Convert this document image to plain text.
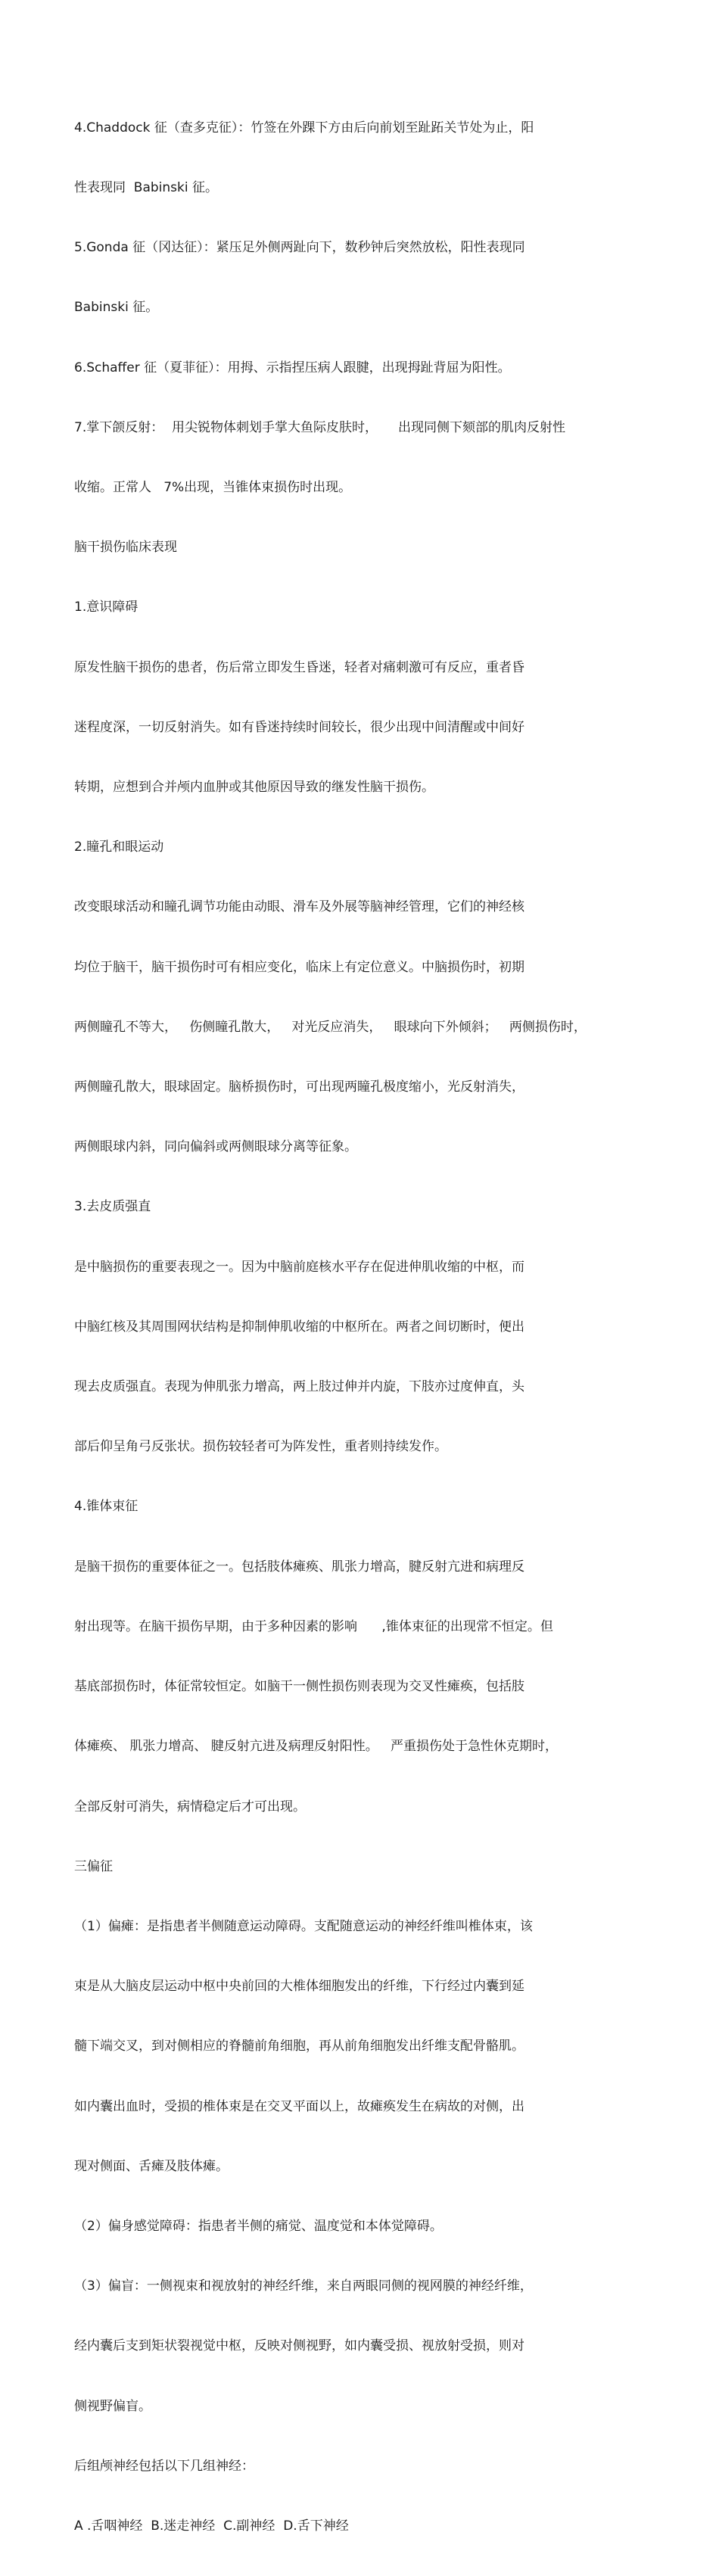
4.Chaddock 征（查多克征）：竹签在外踝下方由后向前划至趾跖关节处为止，阳

性表现同  Babinski 征。

5.Gonda 征（冈达征）：紧压足外侧两趾向下，数秒钟后突然放松，阳性表现同

Babinski 征。

6.Schaffer 征（夏菲征）：用拇、示指捏压病人跟腱，出现拇趾背屈为阳性。

7.掌下颌反射：  用尖锐物体刺划手掌大鱼际皮肤时，     出现同侧下颏部的肌肉反射性

收缩。正常人   7%出现，当锥体束损伤时出现。

脑干损伤临床表现

1.意识障碍

原发性脑干损伤的患者，伤后常立即发生昏迷，轻者对痛刺激可有反应，重者昏

迷程度深，一切反射消失。如有昏迷持续时间较长，很少出现中间清醒或中间好

转期，应想到合并颅内血肿或其他原因导致的继发性脑干损伤。

2.瞳孔和眼运动

改变眼球活动和瞳孔调节功能由动眼、滑车及外展等脑神经管理，它们的神经核

均位于脑干，脑干损伤时可有相应变化，临床上有定位意义。中脑损伤时，初期

两侧瞳孔不等大，   伤侧瞳孔散大，   对光反应消失，   眼球向下外倾斜；   两侧损伤时，

两侧瞳孔散大，眼球固定。脑桥损伤时，可出现两瞳孔极度缩小，光反射消失，

两侧眼球内斜，同向偏斜或两侧眼球分离等征象。

3.去皮质强直

是中脑损伤的重要表现之一。因为中脑前庭核水平存在促进伸肌收缩的中枢，而

中脑红核及其周围网状结构是抑制伸肌收缩的中枢所在。两者之间切断时，便出

现去皮质强直。表现为伸肌张力增高，两上肢过伸并内旋，下肢亦过度伸直，头

部后仰呈角弓反张状。损伤较轻者可为阵发性，重者则持续发作。

4.锥体束征

是脑干损伤的重要体征之一。包括肢体瘫痪、肌张力增高，腱反射亢进和病理反

射出现等。在脑干损伤早期，由于多种因素的影响      ,锥体束征的出现常不恒定。但

基底部损伤时，体征常较恒定。如脑干一侧性损伤则表现为交叉性瘫痪，包括肢

体瘫痪、 肌张力增高、 腱反射亢进及病理反射阳性。   严重损伤处于急性休克期时，

全部反射可消失，病情稳定后才可出现。

三偏征

（1）偏瘫：是指患者半侧随意运动障碍。支配随意运动的神经纤维叫椎体束，该

束是从大脑皮层运动中枢中央前回的大椎体细胞发出的纤维，下行经过内囊到延

髓下端交叉，到对侧相应的脊髓前角细胞，再从前角细胞发出纤维支配骨骼肌。

如内囊出血时，受损的椎体束是在交叉平面以上，故瘫痪发生在病故的对侧，出

现对侧面、舌瘫及肢体瘫。

（2）偏身感觉障碍：指患者半侧的痛觉、温度觉和本体觉障碍。

（3）偏盲：一侧视束和视放射的神经纤维，来自两眼同侧的视网膜的神经纤维，

经内囊后支到矩状裂视觉中枢，反映对侧视野，如内囊受损、视放射受损，则对

侧视野偏盲。

后组颅神经包括以下几组神经：

A .舌咽神经  B.迷走神经  C.副神经  D.舌下神经
